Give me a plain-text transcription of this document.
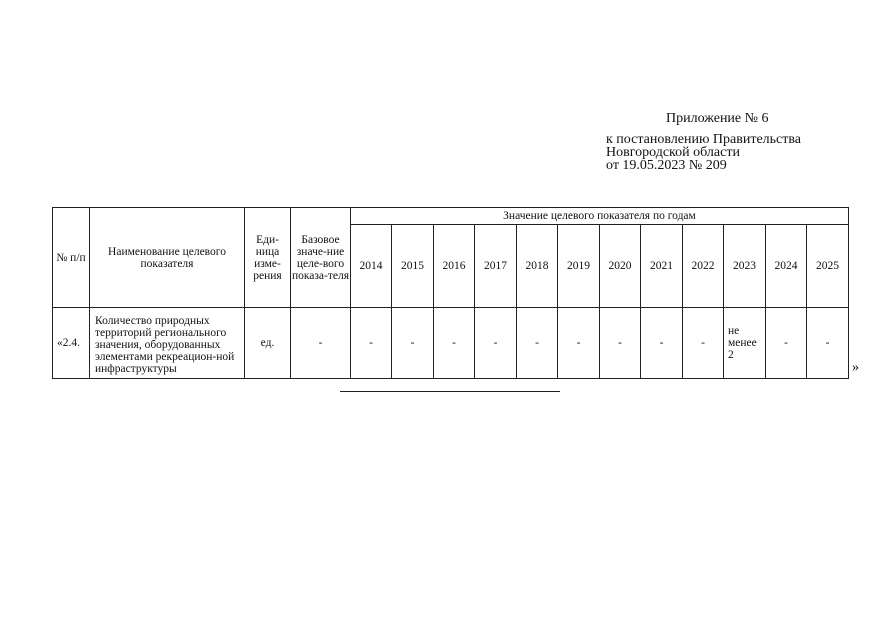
Приложение № 6
к постановлению Правительства
Новгородской области
от 19.05.2023 № 209
№ п/п	Наименование целевого показателя	Еди-ница изме-рения	Базовое значе-ние целе-вого показа-теля	Значение целевого показателя по годам											
				2014	2015	2016	2017	2018	2019	2020	2021	2022	2023	2024	2025
«2.4.	Количество природных территорий регионального значения, оборудованных элементами рекреацион-ной инфраструктуры	ед.	-	-	-	-	-	-	-	-	-	-	не менее 2	-	-
»
